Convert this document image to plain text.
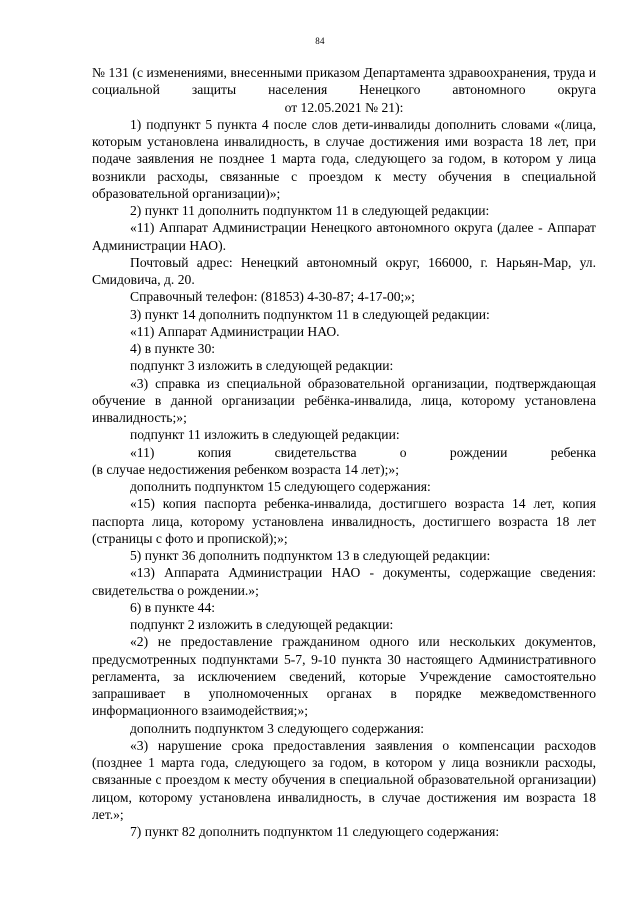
84

№ 131 (с изменениями, внесенными приказом Департамента здравоохранения, труда и социальной защиты населения Ненецкого автономного округа

от 12.05.2021 № 21):

1) подпункт 5 пункта 4 после слов дети-инвалиды дополнить словами «(лица, которым установлена инвалидность, в случае достижения ими возраста 18 лет, при подаче заявления не позднее 1 марта года, следующего за годом, в котором у лица возникли расходы, связанные с проездом к месту обучения в специальной образовательной организации)»;

2) пункт 11 дополнить подпунктом 11 в следующей редакции:

«11) Аппарат Администрации Ненецкого автономного округа (далее - Аппарат Администрации НАО).

Почтовый адрес: Ненецкий автономный округ, 166000, г. Нарьян-Мар, ул. Смидовича, д. 20.

Справочный телефон: (81853) 4-30-87; 4-17-00;»;

3) пункт 14 дополнить подпунктом 11 в следующей редакции:

«11) Аппарат Администрации НАО.

4) в пункте 30:

подпункт 3 изложить в следующей редакции:

«3) справка из специальной образовательной организации, подтверждающая обучение в данной организации ребёнка-инвалида, лица, которому установлена инвалидность;»;

подпункт 11 изложить в следующей редакции:

«11) копия свидетельства о рождении ребенка

(в случае недостижения ребенком возраста 14 лет);»;

дополнить подпунктом 15 следующего содержания:

«15) копия паспорта ребенка-инвалида, достигшего возраста 14 лет, копия паспорта лица, которому установлена инвалидность, достигшего возраста 18 лет (страницы с фото и пропиской);»;

5) пункт 36 дополнить подпунктом 13 в следующей редакции:

«13) Аппарата Администрации НАО - документы, содержащие сведения: свидетельства о рождении.»;

6) в пункте 44:

подпункт 2 изложить в следующей редакции:

«2) не предоставление гражданином одного или нескольких документов, предусмотренных подпунктами 5-7, 9-10 пункта 30 настоящего Административного регламента, за исключением сведений, которые Учреждение самостоятельно запрашивает в уполномоченных органах в порядке межведомственного информационного взаимодействия;»;

дополнить подпунктом 3 следующего содержания:

«3) нарушение срока предоставления заявления о компенсации расходов (позднее 1 марта года, следующего за годом, в котором у лица возникли расходы, связанные с проездом к месту обучения в специальной образовательной организации) лицом, которому установлена инвалидность, в случае достижения им возраста 18 лет.»;

7) пункт 82 дополнить подпунктом 11 следующего содержания:
